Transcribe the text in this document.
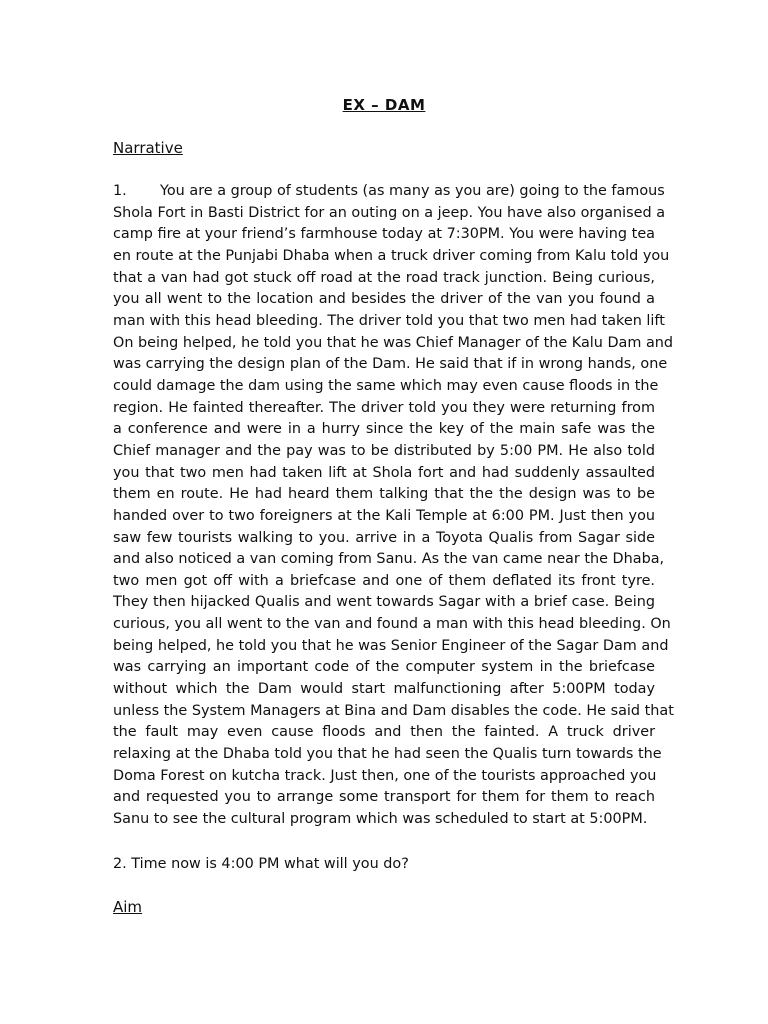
EX – DAM
Narrative
1. You are a group of students (as many as you are) going to the famous
Shola Fort in Basti District for an outing on a jeep. You have also organised a
camp fire at your friend’s farmhouse today at 7:30PM. You were having tea
en route at the Punjabi Dhaba when a truck driver coming from Kalu told you
that a van had got stuck off road at the road track junction. Being curious,
you all went to the location and besides the driver of the van you found a
man with this head bleeding. The driver told you that two men had taken lift
On being helped, he told you that he was Chief Manager of the Kalu Dam and
was carrying the design plan of the Dam. He said that if in wrong hands, one
could damage the dam using the same which may even cause floods in the
region. He fainted thereafter. The driver told you they were returning from
a conference and were in a hurry since the key of the main safe was the
Chief manager and the pay was to be distributed by 5:00 PM. He also told
you that two men had taken lift at Shola fort and had suddenly assaulted
them en route. He had heard them talking that the the design was to be
handed over to two foreigners at the Kali Temple at 6:00 PM. Just then you
saw few tourists walking to you. arrive in a Toyota Qualis from Sagar side
and also noticed a van coming from Sanu. As the van came near the Dhaba,
two men got off with a briefcase and one of them deflated its front tyre.
They then hijacked Qualis and went towards Sagar with a brief case. Being
curious, you all went to the van and found a man with this head bleeding. On
being helped, he told you that he was Senior Engineer of the Sagar Dam and
was carrying an important code of the computer system in the briefcase
without which the Dam would start malfunctioning after 5:00PM today
unless the System Managers at Bina and Dam disables the code. He said that
the fault may even cause floods and then the fainted. A truck driver
relaxing at the Dhaba told you that he had seen the Qualis turn towards the
Doma Forest on kutcha track. Just then, one of the tourists approached you
and requested you to arrange some transport for them for them to reach
Sanu to see the cultural program which was scheduled to start at 5:00PM.
2. Time now is 4:00 PM what will you do?
Aim
